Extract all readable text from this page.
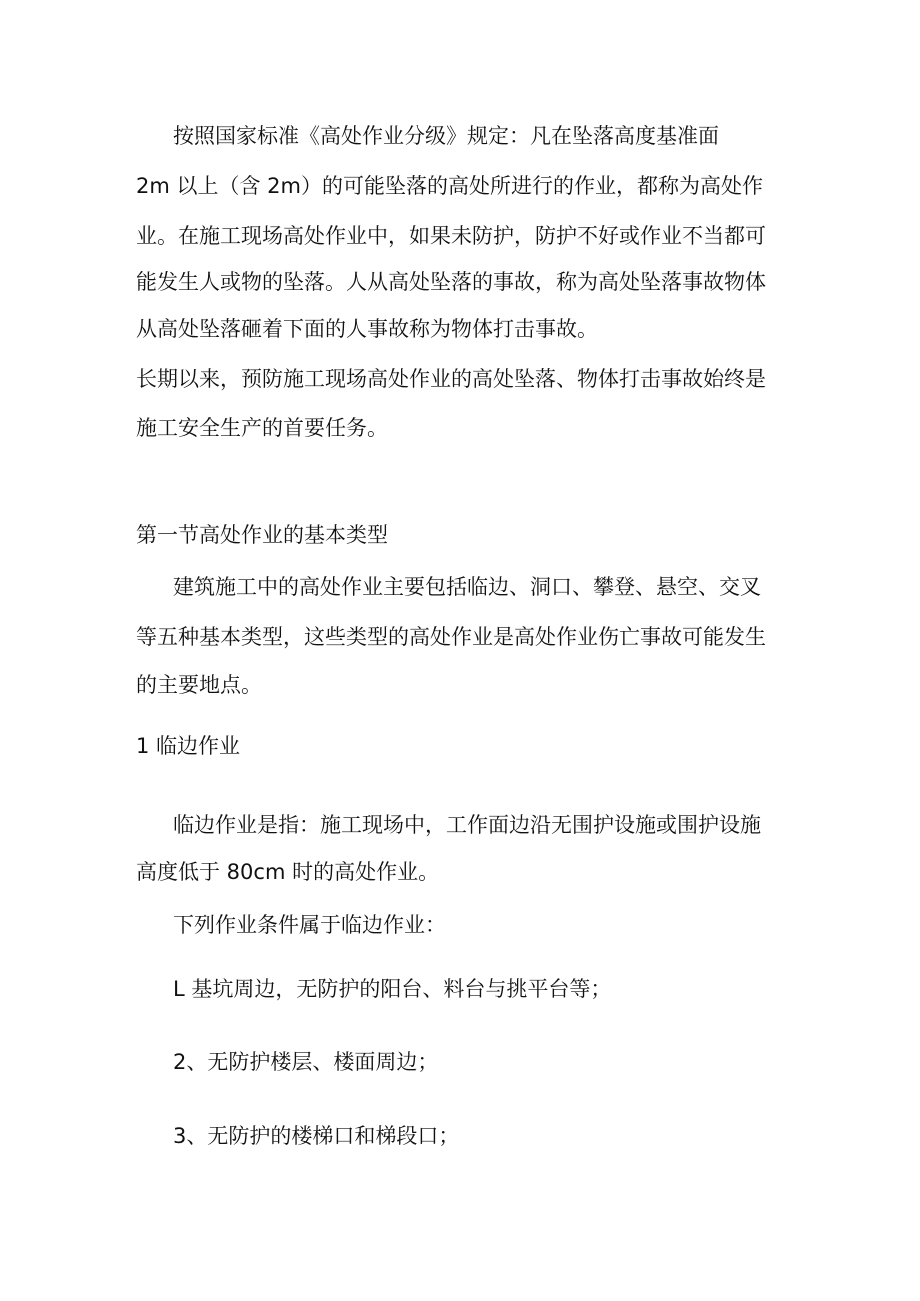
按照国家标准《高处作业分级》规定：凡在坠落高度基准面
2m 以上（含 2m）的可能坠落的高处所进行的作业，都称为高处作
业。在施工现场高处作业中，如果未防护，防护不好或作业不当都可
能发生人或物的坠落。人从高处坠落的事故，称为高处坠落事故物体
从高处坠落砸着下面的人事故称为物体打击事故。
长期以来，预防施工现场高处作业的高处坠落、物体打击事故始终是
施工安全生产的首要任务。
第一节高处作业的基本类型
建筑施工中的高处作业主要包括临边、洞口、攀登、悬空、交叉
等五种基本类型，这些类型的高处作业是高处作业伤亡事故可能发生
的主要地点。
1 临边作业
临边作业是指：施工现场中，工作面边沿无围护设施或围护设施
高度低于 80cm 时的高处作业。
下列作业条件属于临边作业：
L 基坑周边，无防护的阳台、料台与挑平台等；
2、无防护楼层、楼面周边；
3、无防护的楼梯口和梯段口；
